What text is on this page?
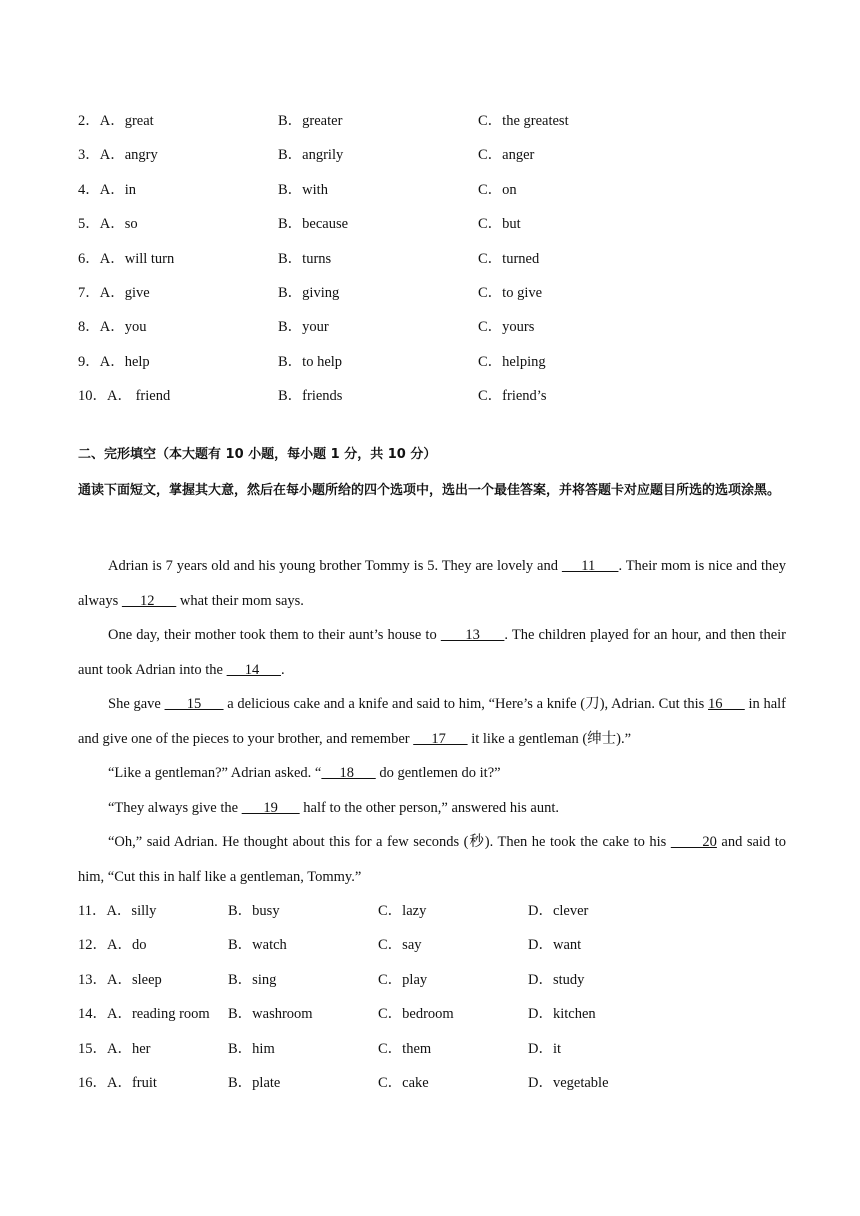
2．A．great	B．greater	C．the greatest
3．A．angry	B．angrily	C．anger
4．A．in	B．with	C．on
5．A．so	B．because	C．but
6．A．will turn	B．turns	C．turned
7．A．give	B．giving	C．to give
8．A．you	B．your	C．yours
9．A．help	B．to help	C．helping
10．A． friend	B．friends	C．friend’s
二、完形填空（本大题有 10 小题，每小题 1 分，共 10 分）
通读下面短文，掌握其大意，然后在每小题所给的四个选项中，选出一个最佳答案，并将答题卡对应题目所选的选项涂黑。

Adrian is 7 years old and his young brother Tommy is 5. They are lovely and      11      . Their mom is nice and they always      12       what their mom says.

One day, their mother took them to their aunt’s house to       13      . The children played for an hour, and then their aunt took Adrian into the      14      .

She gave       15       a delicious cake and a knife and said to him, “Here’s a knife (刀), Adrian. Cut this 16       in half and give one of the pieces to your brother, and remember      17       it like a gentleman (绅士).”

“Like a gentleman?” Adrian asked. “     18       do gentlemen do it?”

“They always give the       19       half to the other person,” answered his aunt.

“Oh,” said Adrian. He thought about this for a few seconds (秒). Then he took the cake to his        20 and said to him, “Cut this in half like a gentleman, Tommy.”

11．A．silly	B．busy	C．lazy	D．clever
12．A．do	B．watch	C．say	D．want
13．A．sleep	B．sing	C．play	D．study
14．A．reading room B．washroom	C．bedroom	D．kitchen
15．A．her	B．him	C．them	D．it
16．A．fruit	B．plate	C．cake	D．vegetable
